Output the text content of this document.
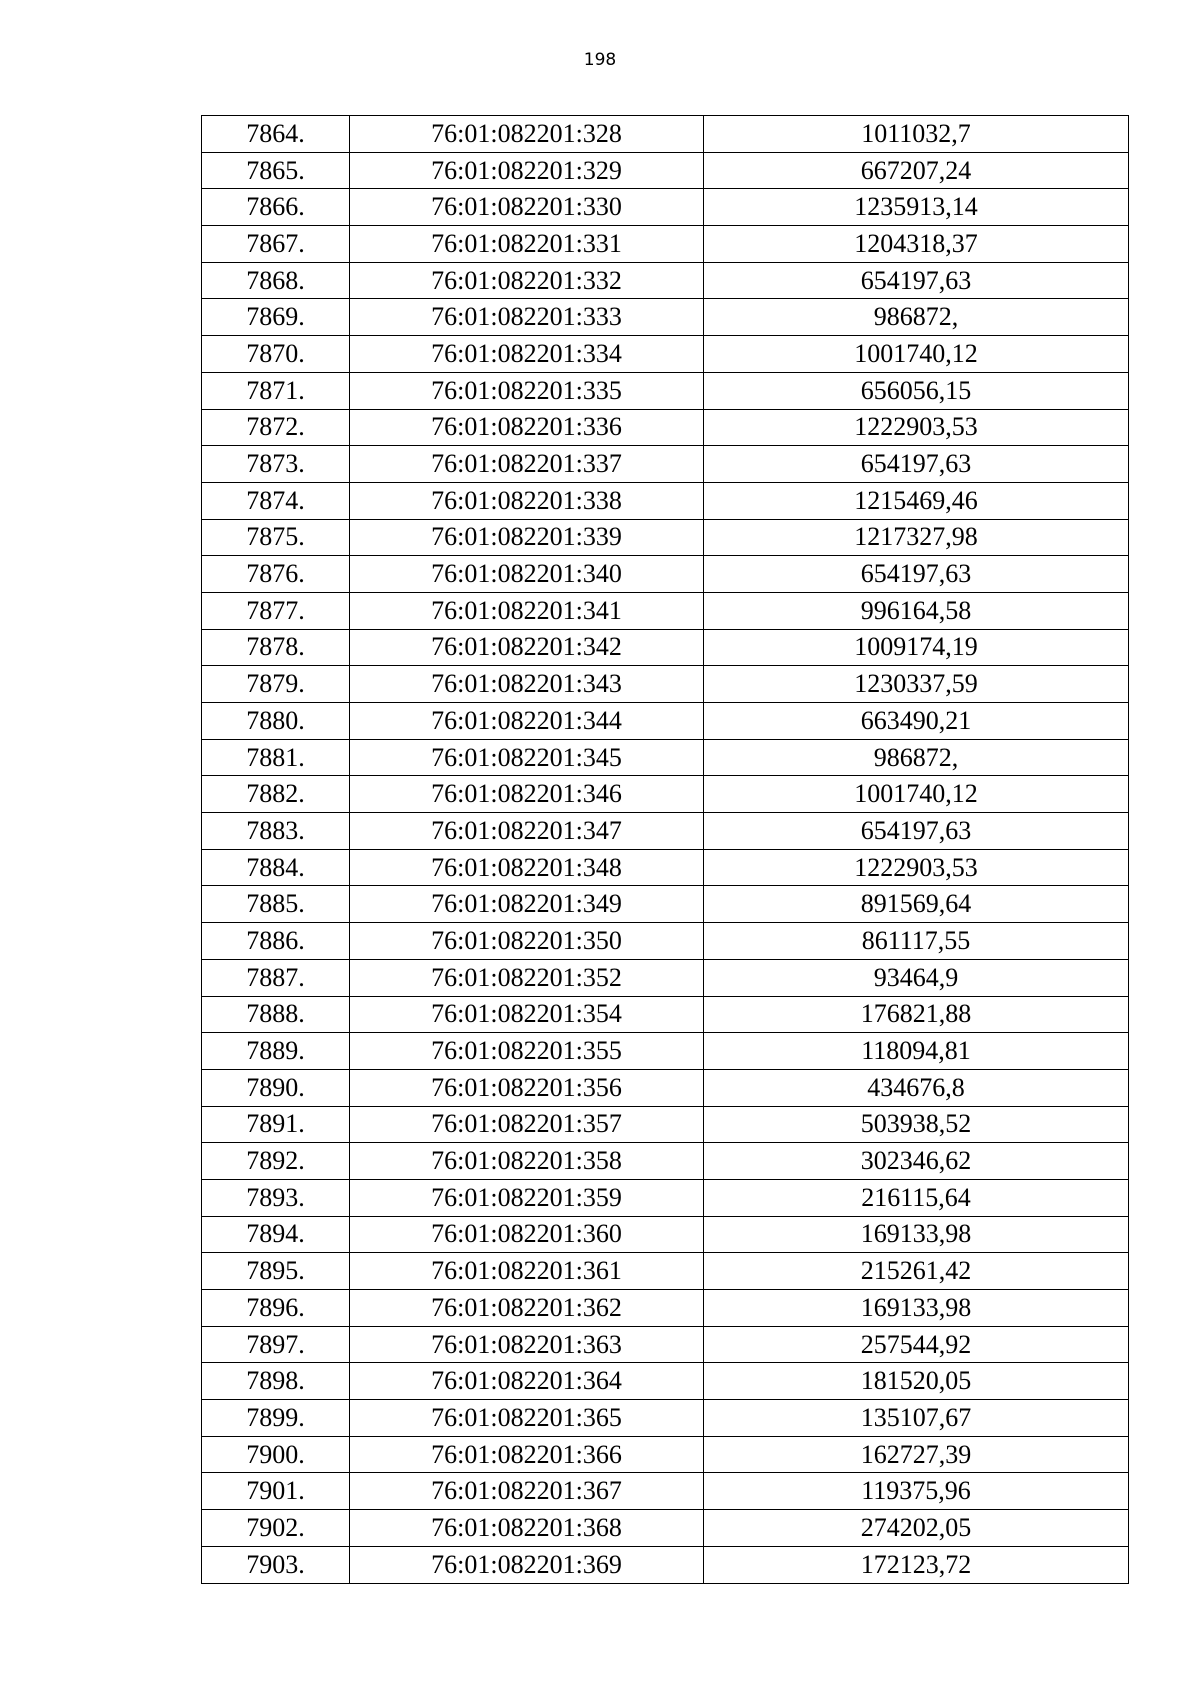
198
7864.	76:01:082201:328	1011032,7
7865.	76:01:082201:329	667207,24
7866.	76:01:082201:330	1235913,14
7867.	76:01:082201:331	1204318,37
7868.	76:01:082201:332	654197,63
7869.	76:01:082201:333	986872,
7870.	76:01:082201:334	1001740,12
7871.	76:01:082201:335	656056,15
7872.	76:01:082201:336	1222903,53
7873.	76:01:082201:337	654197,63
7874.	76:01:082201:338	1215469,46
7875.	76:01:082201:339	1217327,98
7876.	76:01:082201:340	654197,63
7877.	76:01:082201:341	996164,58
7878.	76:01:082201:342	1009174,19
7879.	76:01:082201:343	1230337,59
7880.	76:01:082201:344	663490,21
7881.	76:01:082201:345	986872,
7882.	76:01:082201:346	1001740,12
7883.	76:01:082201:347	654197,63
7884.	76:01:082201:348	1222903,53
7885.	76:01:082201:349	891569,64
7886.	76:01:082201:350	861117,55
7887.	76:01:082201:352	93464,9
7888.	76:01:082201:354	176821,88
7889.	76:01:082201:355	118094,81
7890.	76:01:082201:356	434676,8
7891.	76:01:082201:357	503938,52
7892.	76:01:082201:358	302346,62
7893.	76:01:082201:359	216115,64
7894.	76:01:082201:360	169133,98
7895.	76:01:082201:361	215261,42
7896.	76:01:082201:362	169133,98
7897.	76:01:082201:363	257544,92
7898.	76:01:082201:364	181520,05
7899.	76:01:082201:365	135107,67
7900.	76:01:082201:366	162727,39
7901.	76:01:082201:367	119375,96
7902.	76:01:082201:368	274202,05
7903.	76:01:082201:369	172123,72
